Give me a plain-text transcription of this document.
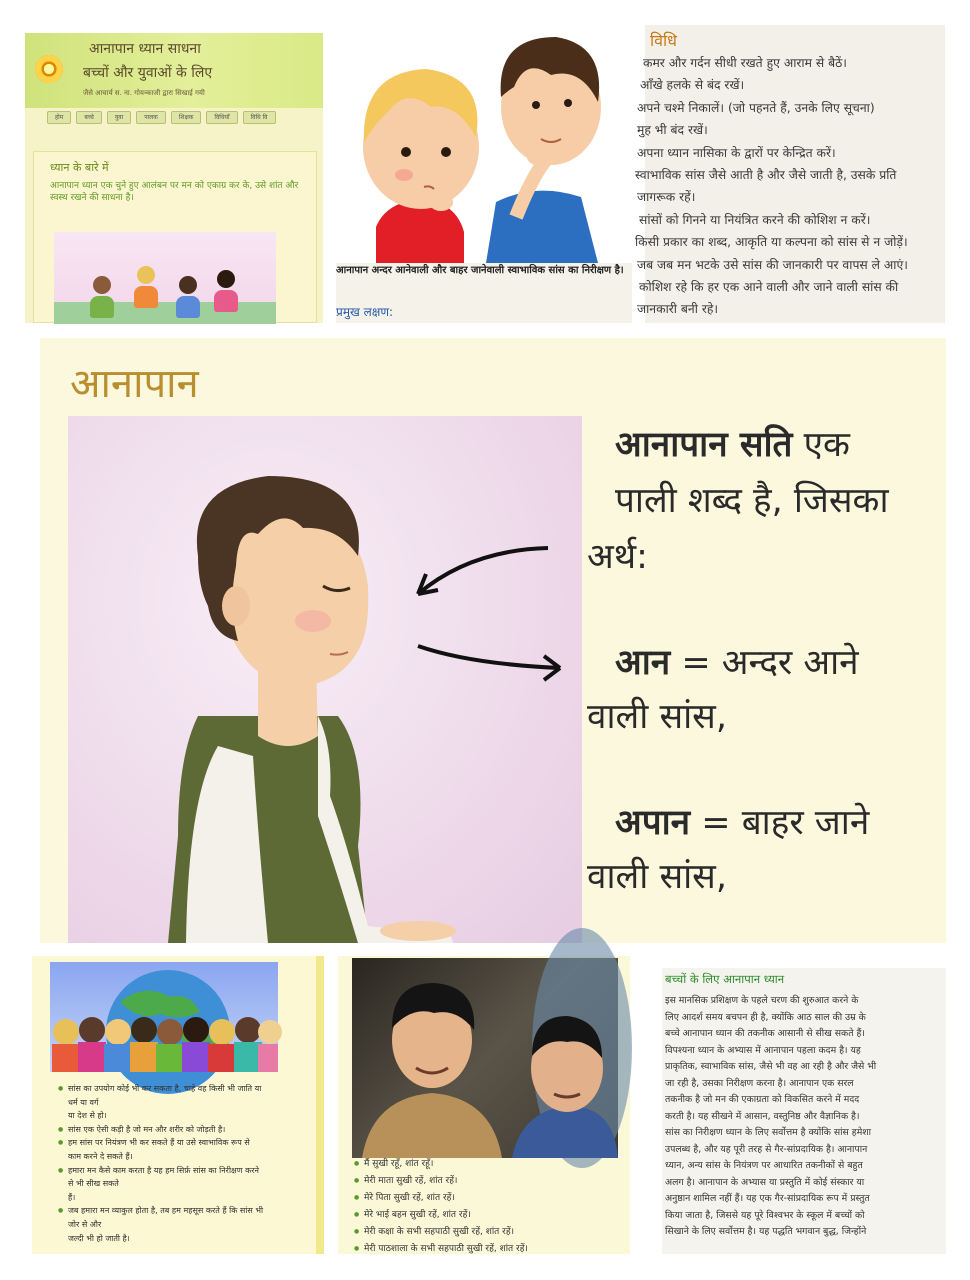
आनापान ध्यान साधना
बच्चों और युवाओं के लिए
जैसे आचार्य स. ना. गोयन्काजी द्वारा सिखाई गयी
होम	बच्चे	युवा	पालक	शिक्षक	विधियाँ	विधि वि
ध्यान के बारे में

आनापान ध्यान एक चुने हुए आलंबन पर मन को एकाग्र कर के, उसे शांत और स्वस्थ रखने की साधना है।

आनापान अन्दर आनेवाली और बाहर जानेवाली स्वाभाविक सांस का निरीक्षण है।
प्रमुख लक्षण:
विधि
कमर और गर्दन सीधी रखते हुए आराम से बैठें।
आँखे हलके से बंद रखें।
अपने चश्मे निकालें। (जो पहनते हैं, उनके लिए सूचना)
मुह भी बंद रखें।
अपना ध्यान नासिका के द्वारों पर केन्द्रित करें।
स्वाभाविक सांस जैसे आती है और जैसे जाती है, उसके प्रति
जागरूक रहें।
सांसों को गिनने या नियंत्रित करने की कोशिश न करें।
किसी प्रकार का शब्द, आकृति या कल्पना को सांस से न जोड़ें।
जब जब मन भटके उसे सांस की जानकारी पर वापस ले आएं।
कोशिश रहे कि हर एक आने वाली और जाने वाली सांस की
जानकारी बनी रहे।
आनापान
आनापान सति एक
पाली शब्द है, जिसका
अर्थ:
आन = अन्दर आने
वाली सांस,
अपान = बाहर जाने
वाली सांस,
● सांस का उपयोग कोई भी कर सकता है, चाहे वह किसी भी जाति या
धर्म या वर्ग
या देश से हो।
● सांस एक ऐसी कड़ी है जो मन और शरीर को जोड़ती है।
● हम सांस पर नियंत्रण भी कर सकते हैं या उसे स्वाभाविक रूप से
काम करने दे सकते हैं।
● हमारा मन कैसे काम करता है यह हम सिर्फ़ सांस का निरीक्षण करने
से भी सीख सकते
हैं।
● जब हमारा मन व्याकुल होता है, तब हम महसूस करते हैं कि सांस भी
जोर से और
जल्दी भी हो जाती है।
● मैं सुखी रहूँ, शांत रहूँ।
● मेरी माता सुखी रहें, शांत रहें।
● मेरे पिता सुखी रहें, शांत रहें।
● मेरे भाई बहन सुखी रहें, शांत रहें।
● मेरी कक्षा के सभी सहपाठी सुखी रहें, शांत रहें।
● मेरी पाठशाला के सभी सहपाठी सुखी रहें, शांत रहें।
बच्चों के लिए आनापान ध्यान
इस मानसिक प्रशिक्षण के पहले चरण की शुरुआत करने के
लिए आदर्श समय बचपन ही है, क्योंकि आठ साल की उम्र के
बच्चे आनापान ध्यान की तकनीक आसानी से सीख सकते हैं।
विपश्यना ध्यान के अभ्यास में आनापान पहला कदम है। यह
प्राकृतिक, स्वाभाविक सांस, जैसे भी वह आ रही है और जैसे भी
जा रही है, उसका निरीक्षण करना है। आनापान एक सरल
तकनीक है जो मन की एकाग्रता को विकसित करने में मदद
करती है। यह सीखने में आसान, वस्तुनिष्ठ और वैज्ञानिक है।
सांस का निरीक्षण ध्यान के लिए सर्वोत्तम है क्योंकि सांस हमेशा
उपलब्ध है, और यह पूरी तरह से गैर-सांप्रदायिक है। आनापान
ध्यान, अन्य सांस के नियंत्रण पर आधारित तकनीकों से बहुत
अलग है। आनापान के अभ्यास या प्रस्तुति में कोई संस्कार या
अनुष्ठान शामिल नहीं हैं। यह एक गैर-सांप्रदायिक रूप में प्रस्तुत
किया जाता है, जिससे यह पूरे विश्वभर के स्कूल में बच्चों को
सिखाने के लिए सर्वोत्तम है। यह पद्धति भगवान बुद्ध, जिन्होंने
